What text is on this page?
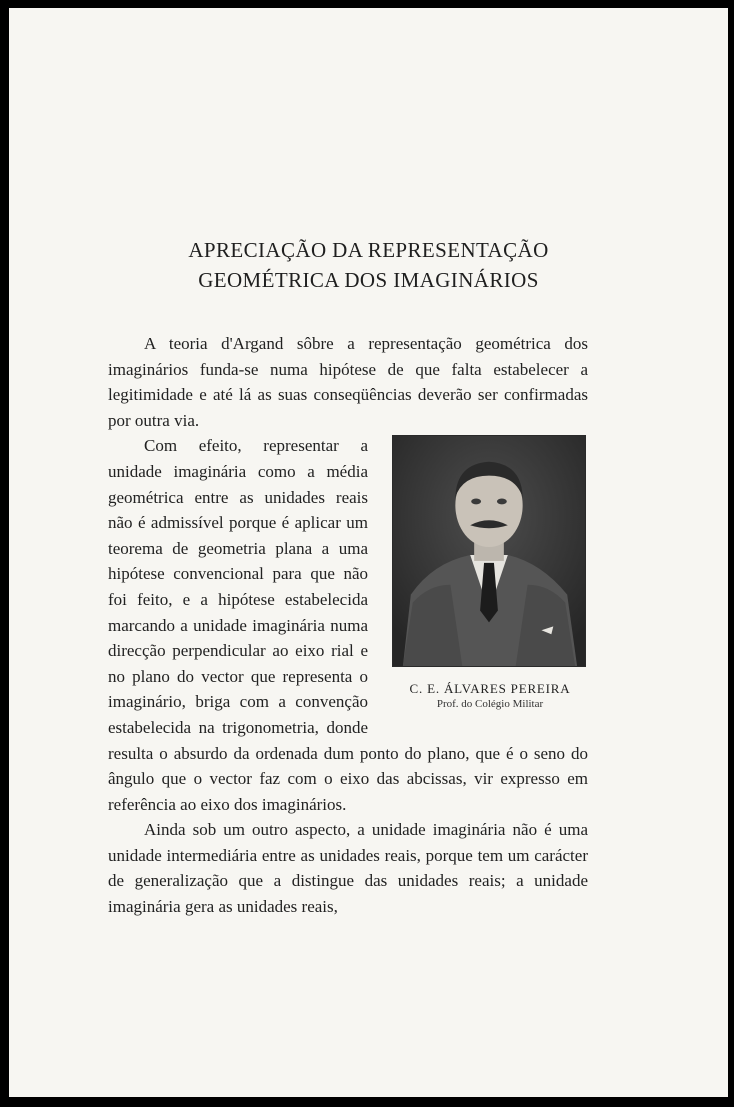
APRECIAÇÃO DA REPRESENTAÇÃO
GEOMÉTRICA DOS IMAGINÁRIOS

A teoria d'Argand sôbre a representação geométrica dos imaginários funda-se numa hipótese de que falta estabelecer a legitimidade e até lá as suas conseqüências deverão ser confirmadas por outra via.

C. E. ÁLVARES PEREIRA
Prof. do Colégio Militar

Com efeito, representar a unidade imaginária como a média geométrica entre as unidades reais não é admissível porque é aplicar um teorema de geometria plana a uma hipótese convencional para que não foi feito, e a hipótese estabelecida marcando a unidade imaginária numa direcção perpendicular ao eixo rial e no plano do vector que representa o imaginário, briga com a convenção estabelecida na trigonometria, donde resulta o absurdo da ordenada dum ponto do plano, que é o seno do ângulo que o vector faz com o eixo das abcissas, vir expresso em referência ao eixo dos imaginários.

Ainda sob um outro aspecto, a unidade imaginária não é uma unidade intermediária entre as unidades reais, porque tem um carácter de generalização que a distingue das unidades reais; a unidade imaginária gera as unidades reais,
